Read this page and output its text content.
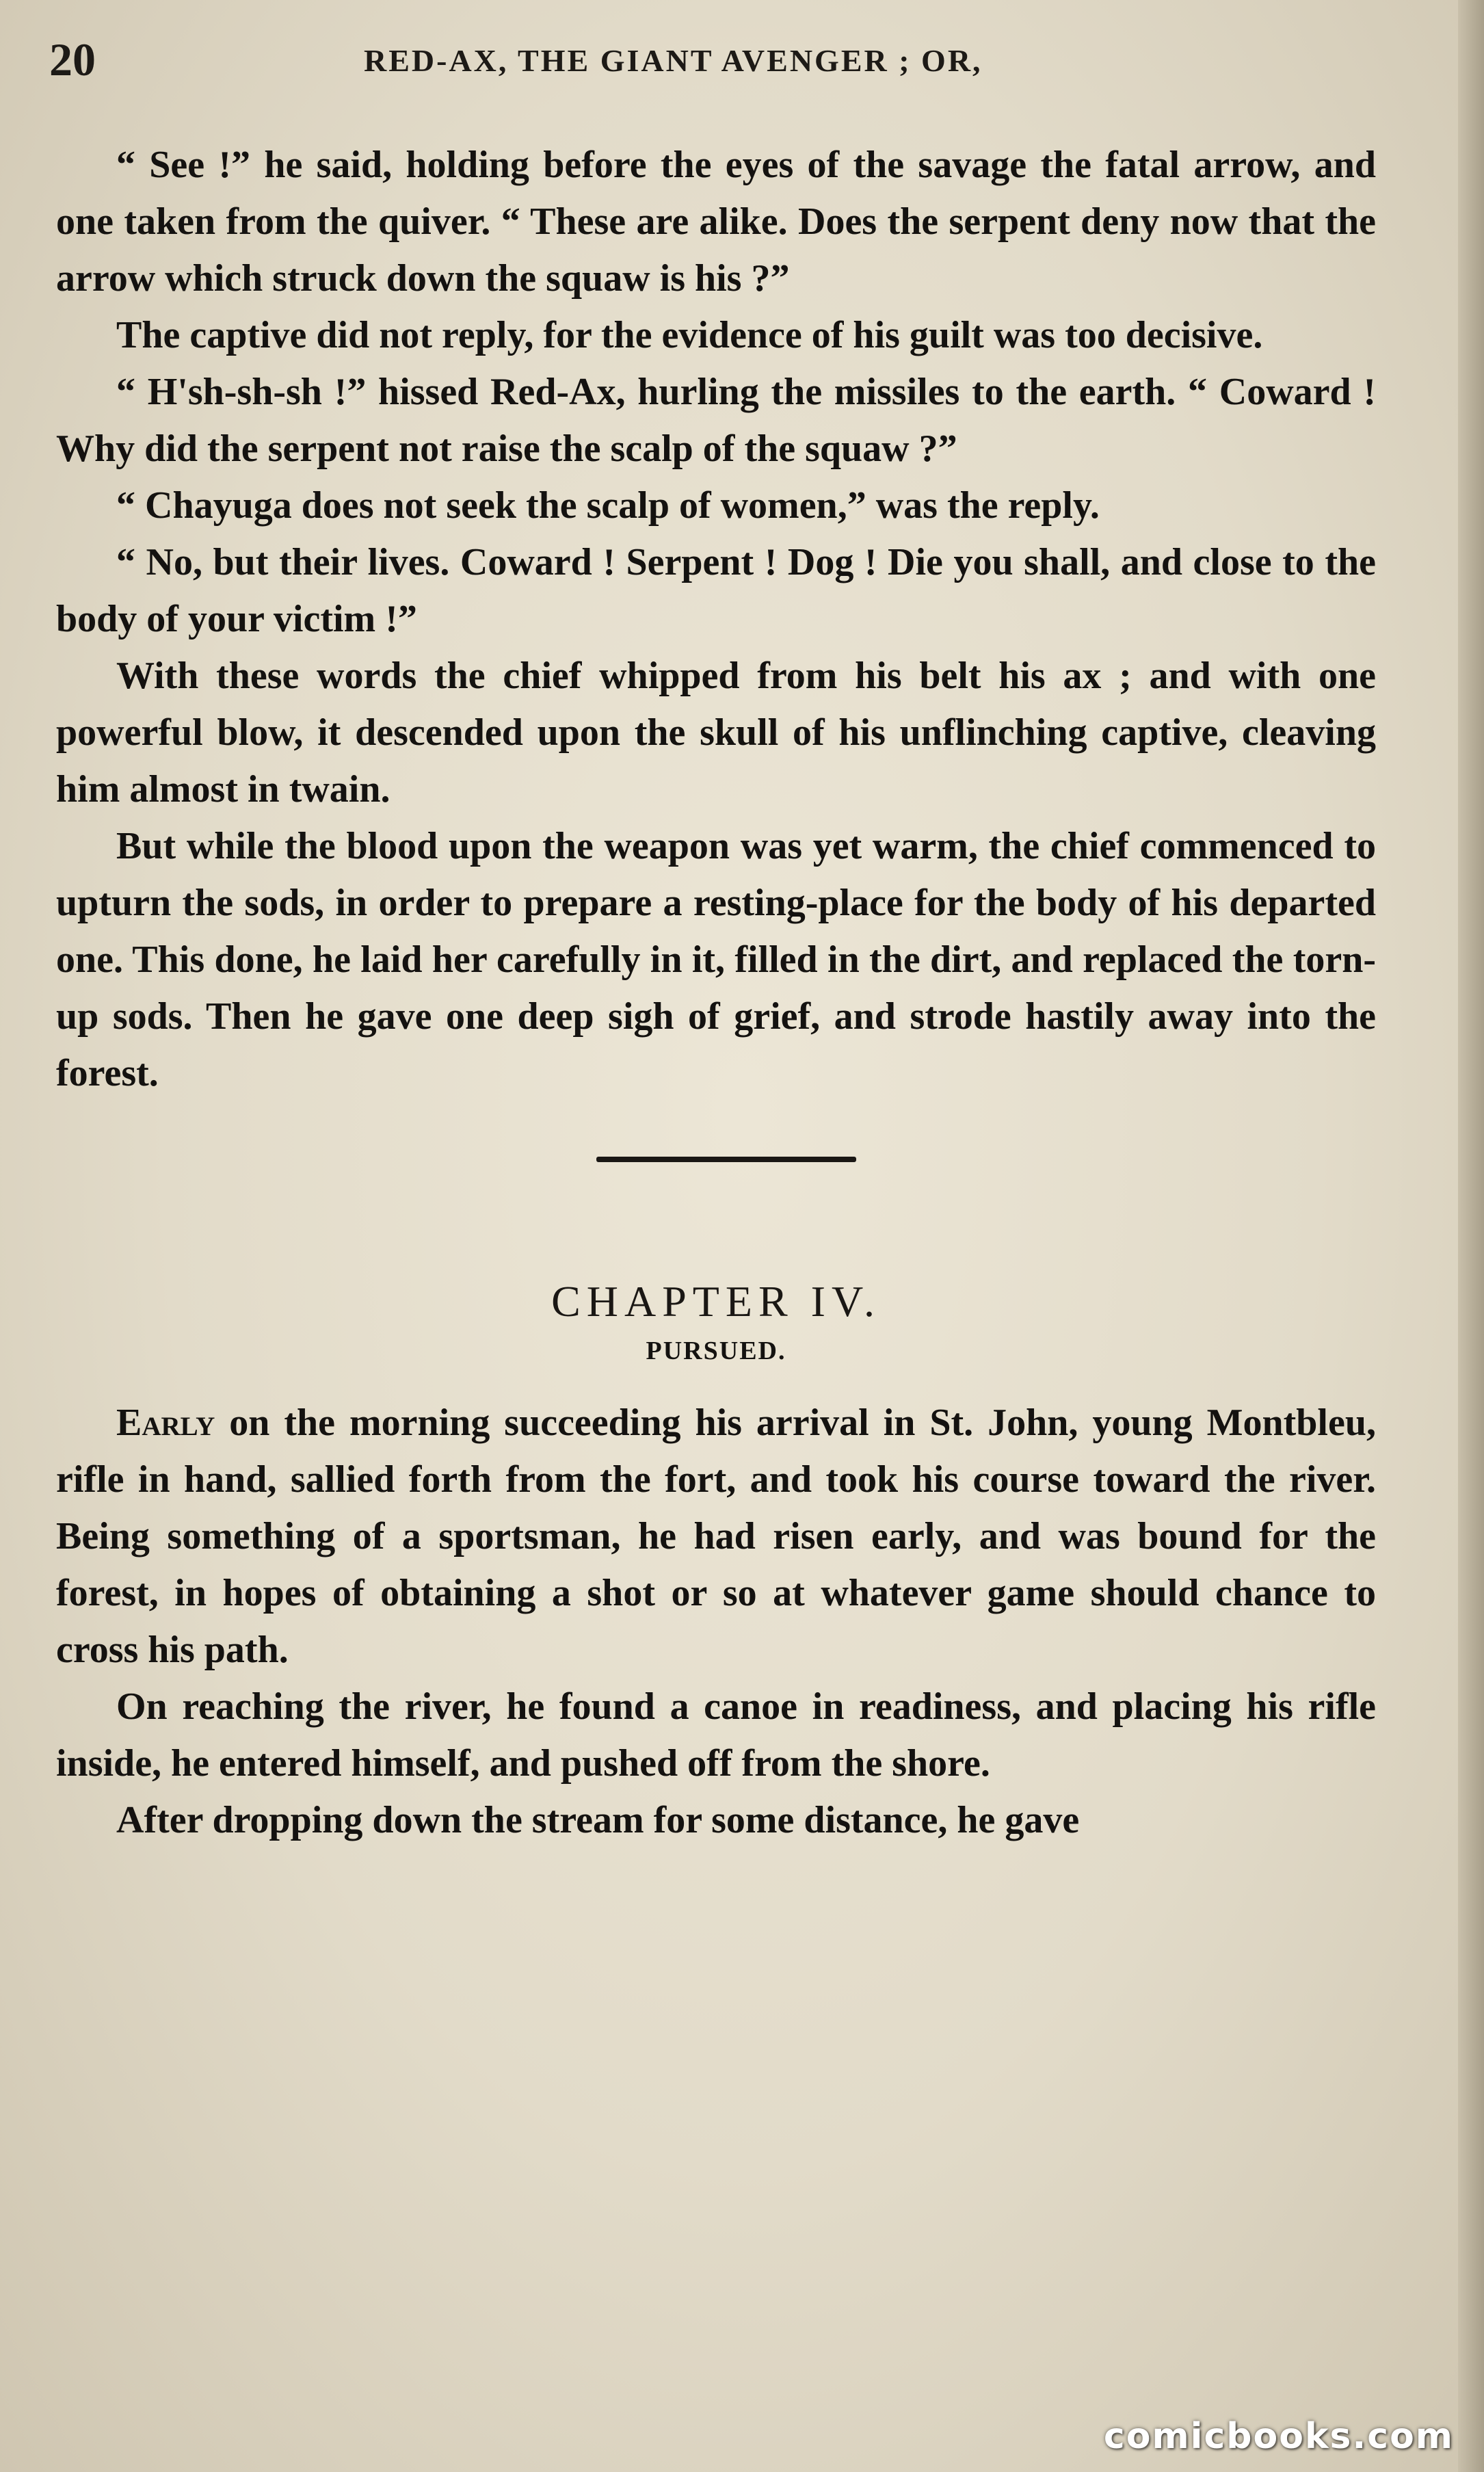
20	RED-AX, THE GIANT AVENGER ; OR,

“ See !” he said, holding before the eyes of the savage the fatal arrow, and one taken from the quiver. “ These are alike. Does the serpent deny now that the arrow which struck down the squaw is his ?”

The captive did not reply, for the evidence of his guilt was too decisive.

“ H'sh-sh-sh !” hissed Red-Ax, hurling the missiles to the earth. “ Coward ! Why did the serpent not raise the scalp of the squaw ?”

“ Chayuga does not seek the scalp of women,” was the reply.

“ No, but their lives. Coward ! Serpent ! Dog ! Die you shall, and close to the body of your victim !”

With these words the chief whipped from his belt his ax ; and with one powerful blow, it descended upon the skull of his unflinching captive, cleaving him almost in twain.

But while the blood upon the weapon was yet warm, the chief commenced to upturn the sods, in order to prepare a resting-place for the body of his departed one. This done, he laid her carefully in it, filled in the dirt, and replaced the torn-up sods. Then he gave one deep sigh of grief, and strode hastily away into the forest.

CHAPTER IV.
PURSUED.

Early on the morning succeeding his arrival in St. John, young Montbleu, rifle in hand, sallied forth from the fort, and took his course toward the river. Being something of a sportsman, he had risen early, and was bound for the forest, in hopes of obtaining a shot or so at whatever game should chance to cross his path.

On reaching the river, he found a canoe in readiness, and placing his rifle inside, he entered himself, and pushed off from the shore.

After dropping down the stream for some distance, he gave

comicbooks.com
